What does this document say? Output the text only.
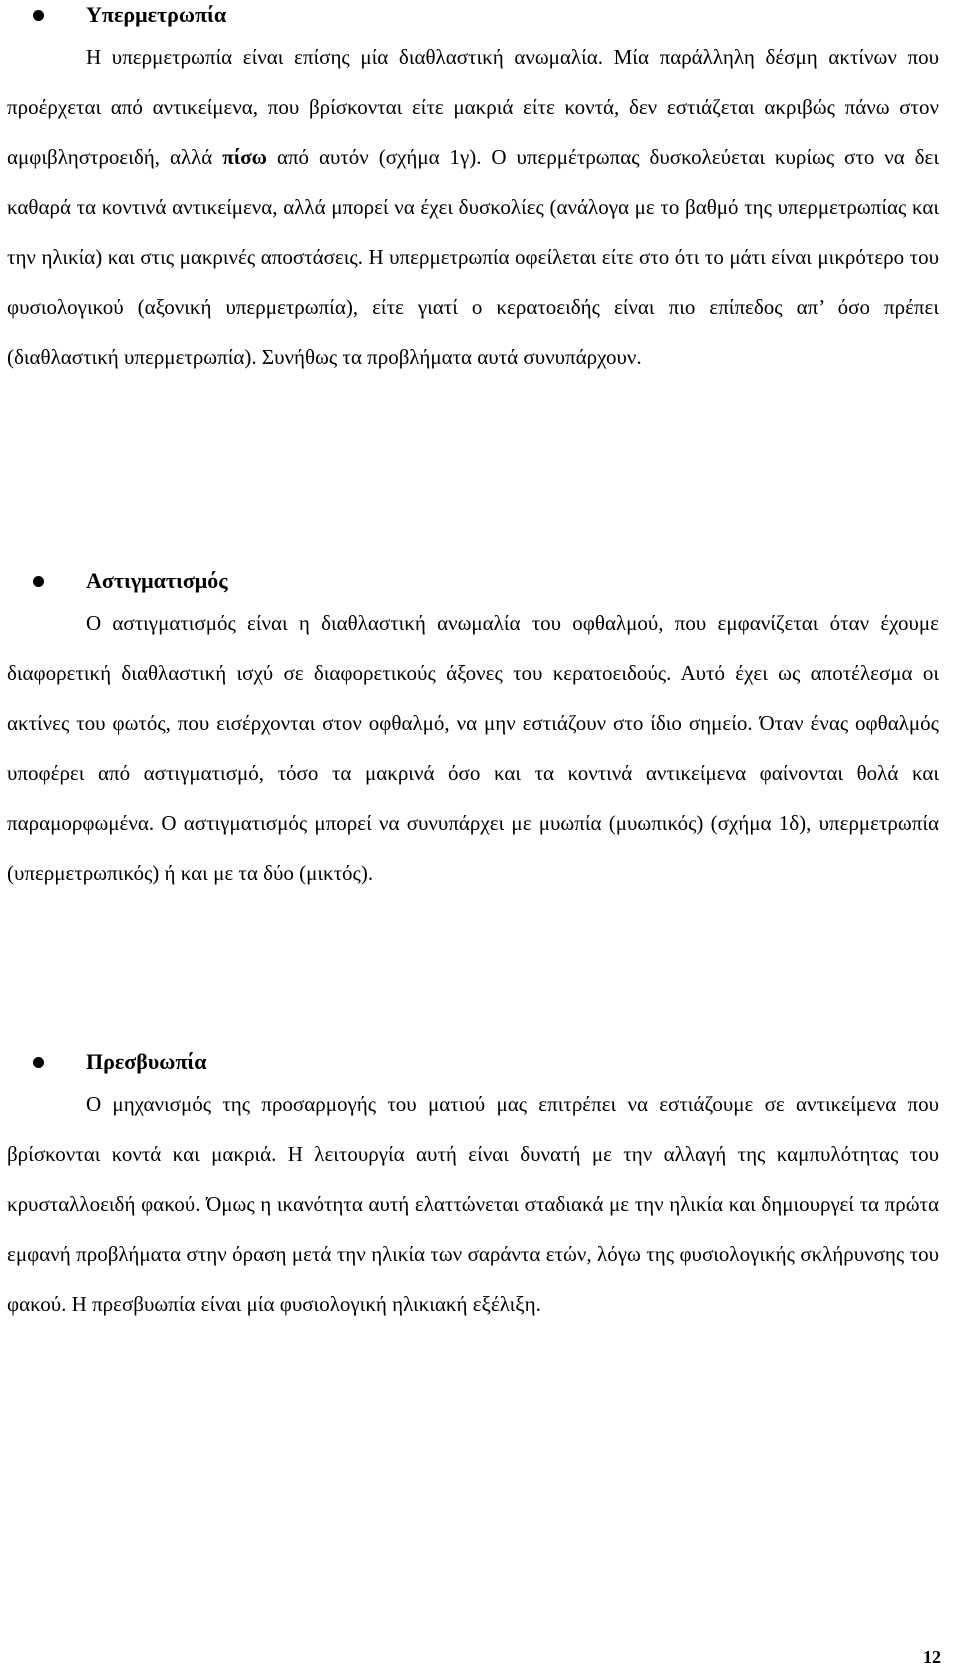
Υπερμετρωπία

Η υπερμετρωπία είναι επίσης μία διαθλαστική ανωμαλία. Μία παράλληλη δέσμη ακτίνων που προέρχεται από αντικείμενα, που βρίσκονται είτε μακριά είτε κοντά, δεν εστιάζεται ακριβώς πάνω στον αμφιβληστροειδή, αλλά πίσω από αυτόν (σχήμα 1γ). Ο υπερμέτρωπας δυσκολεύεται κυρίως στο να δει καθαρά τα κοντινά αντικείμενα, αλλά μπορεί να έχει δυσκολίες (ανάλογα με το βαθμό της υπερμετρωπίας και την ηλικία) και στις μακρινές αποστάσεις. Η υπερμετρωπία οφείλεται είτε στο ότι το μάτι είναι μικρότερο του φυσιολογικού (αξονική υπερμετρωπία), είτε γιατί ο κερατοειδής είναι πιο επίπεδος απ’ όσο πρέπει (διαθλαστική υπερμετρωπία). Συνήθως τα προβλήματα αυτά συνυπάρχουν.

Αστιγματισμός

Ο αστιγματισμός είναι η διαθλαστική ανωμαλία του οφθαλμού, που εμφανίζεται όταν έχουμε διαφορετική διαθλαστική ισχύ σε διαφορετικούς άξονες του κερατοειδούς. Αυτό έχει ως αποτέλεσμα οι ακτίνες του φωτός, που εισέρχονται στον οφθαλμό, να μην εστιάζουν στο ίδιο σημείο. Όταν ένας οφθαλμός υποφέρει από αστιγματισμό, τόσο τα μακρινά όσο και τα κοντινά αντικείμενα φαίνονται θολά και παραμορφωμένα. Ο αστιγματισμός μπορεί να συνυπάρχει με μυωπία (μυωπικός) (σχήμα 1δ), υπερμετρωπία (υπερμετρωπικός) ή και με τα δύο (μικτός).

Πρεσβυωπία

Ο μηχανισμός της προσαρμογής του ματιού μας επιτρέπει να εστιάζουμε σε αντικείμενα που βρίσκονται κοντά και μακριά. Η λειτουργία αυτή είναι δυνατή με την αλλαγή της καμπυλότητας του κρυσταλλοειδή φακού. Όμως η ικανότητα αυτή ελαττώνεται σταδιακά με την ηλικία και δημιουργεί τα πρώτα εμφανή προβλήματα στην όραση μετά την ηλικία των σαράντα ετών, λόγω της φυσιολογικής σκλήρυνσης του φακού. Η πρεσβυωπία είναι μία φυσιολογική ηλικιακή εξέλιξη.

12
